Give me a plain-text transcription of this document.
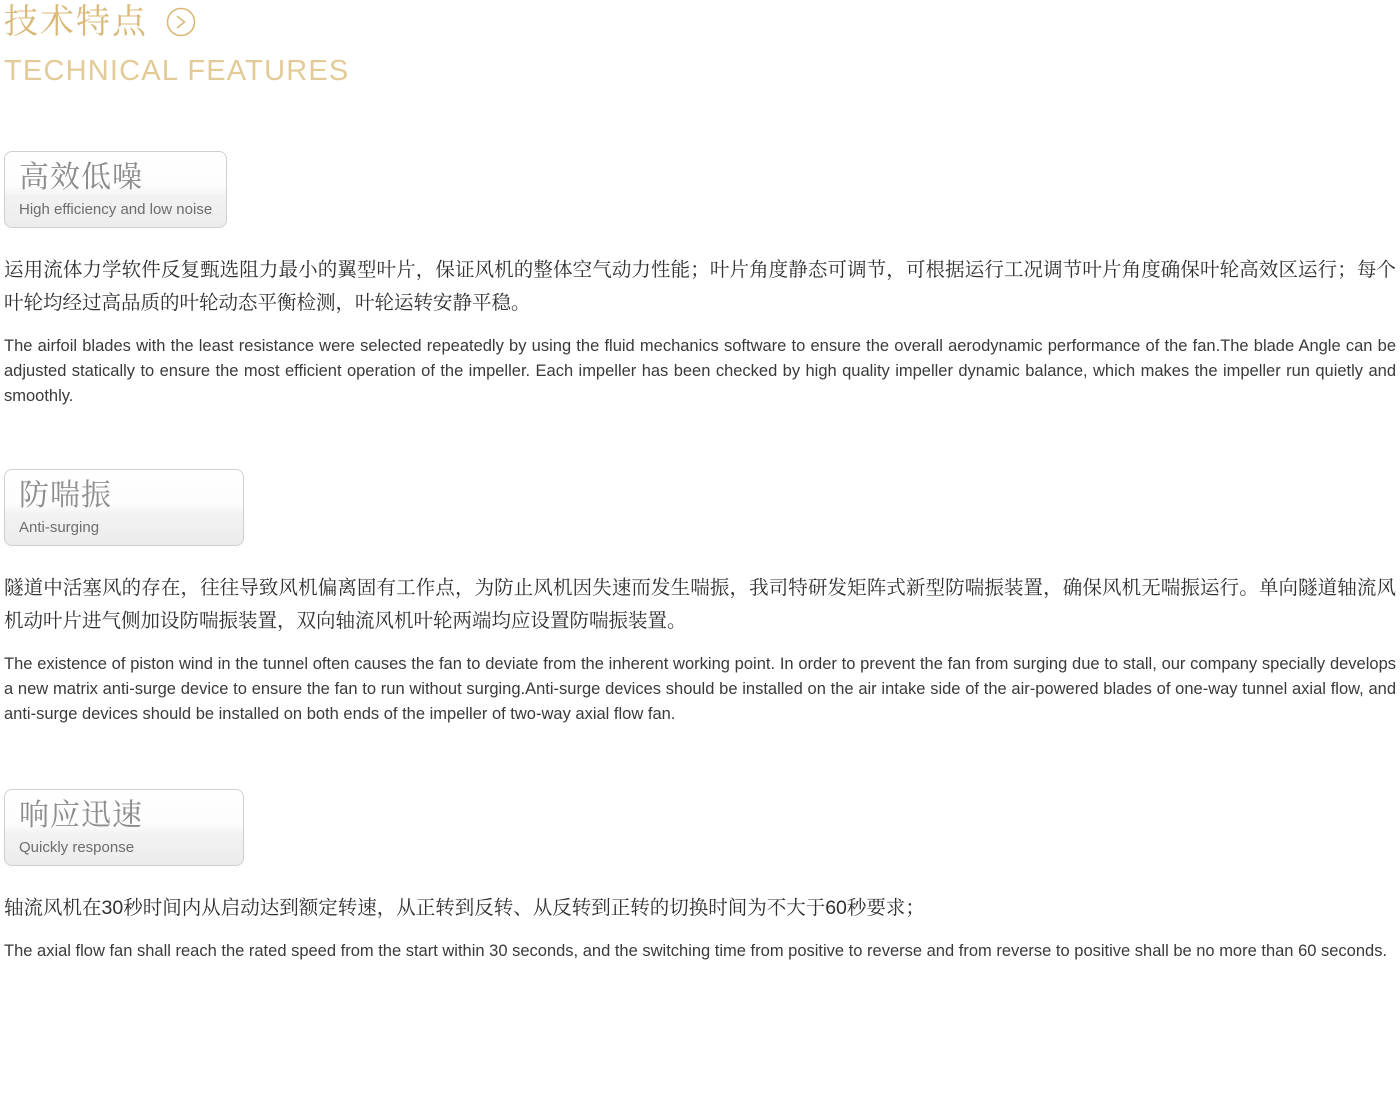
技术特点
TECHNICAL FEATURES
高效低噪
High efficiency and low noise
运用流体力学软件反复甄选阻力最小的翼型叶片，保证风机的整体空气动力性能；叶片角度静态可调节，可根据运行工况调节叶片角度确保叶轮高效区运行；每个叶轮均经过高品质的叶轮动态平衡检测，叶轮运转安静平稳。
The airfoil blades with the least resistance were selected repeatedly by using the fluid mechanics software to ensure the overall aerodynamic performance of the fan.The blade Angle can be adjusted statically to ensure the most efficient operation of the impeller. Each impeller has been checked by high quality impeller dynamic balance, which makes the impeller run quietly and smoothly.
防喘振
Anti-surging
隧道中活塞风的存在，往往导致风机偏离固有工作点，为防止风机因失速而发生喘振，我司特研发矩阵式新型防喘振装置，确保风机无喘振运行。单向隧道轴流风机动叶片进气侧加设防喘振装置，双向轴流风机叶轮两端均应设置防喘振装置。
The existence of piston wind in the tunnel often causes the fan to deviate from the inherent working point. In order to prevent the fan from surging due to stall, our company specially develops a new matrix anti-surge device to ensure the fan to run without surging.Anti-surge devices should be installed on the air intake side of the air-powered blades of one-way tunnel axial flow, and anti-surge devices should be installed on both ends of the impeller of two-way axial flow fan.
响应迅速
Quickly response
轴流风机在30秒时间内从启动达到额定转速，从正转到反转、从反转到正转的切换时间为不大于60秒要求；
The axial flow fan shall reach the rated speed from the start within 30 seconds, and the switching time from positive to reverse and from reverse to positive shall be no more than 60 seconds.
